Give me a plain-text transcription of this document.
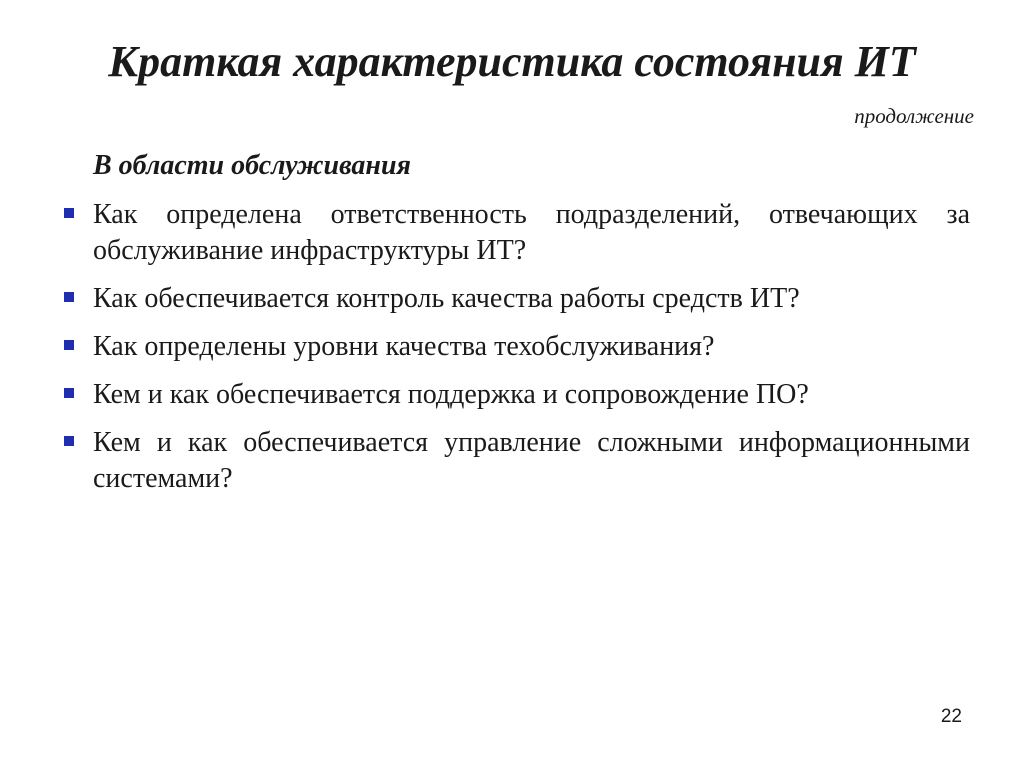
Краткая характеристика состояния ИТ
продолжение
В области обслуживания
Как определена ответственность подразделений, отвечающих за обслуживание инфраструктуры ИТ?
Как обеспечивается контроль качества работы средств ИТ?
Как определены уровни качества техобслуживания?
Кем и как обеспечивается поддержка и сопровождение ПО?
Кем и как обеспечивается управление сложными информационными системами?
22
